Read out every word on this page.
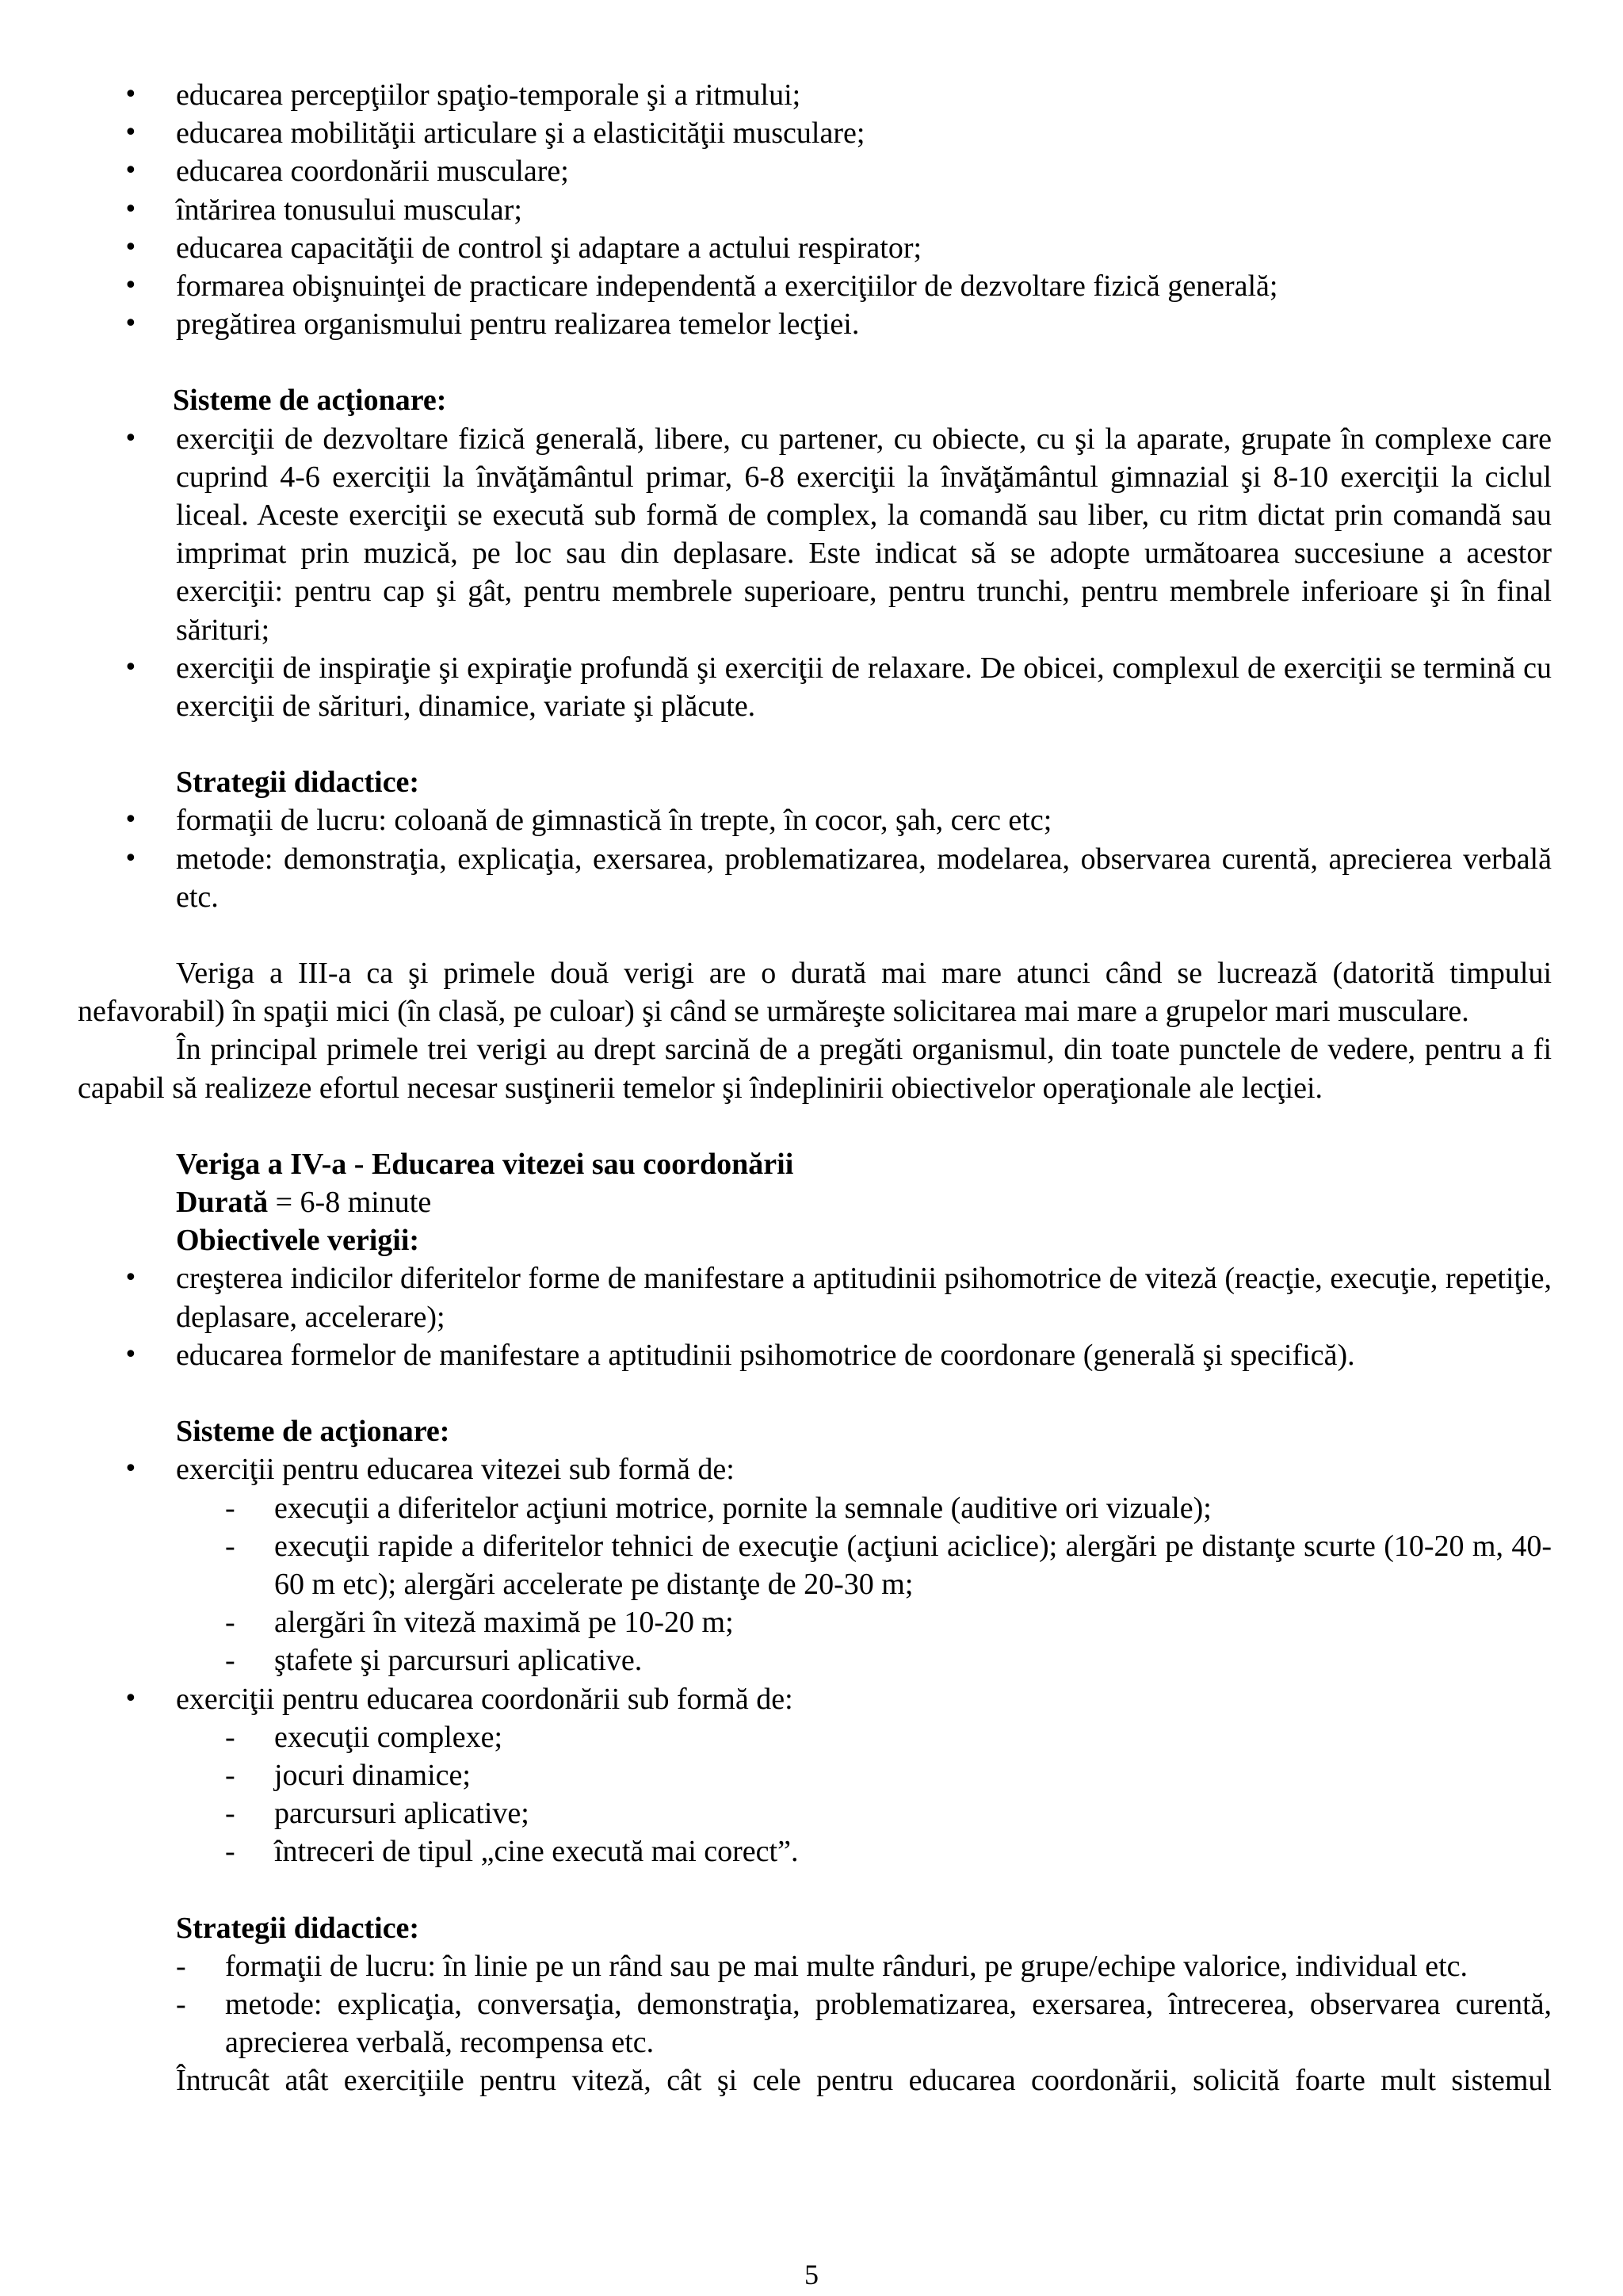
• educarea percepţiilor spaţio-temporale şi a ritmului;
• educarea mobilităţii articulare şi a elasticităţii musculare;
• educarea coordonării musculare;
• întărirea tonusului muscular;
• educarea capacităţii de control şi adaptare a actului respirator;
• formarea obişnuinţei de practicare independentă a exerciţiilor de dezvoltare fizică generală;
• pregătirea organismului pentru realizarea temelor lecţiei.
Sisteme de acţionare:
• exerciţii de dezvoltare fizică generală, libere, cu partener, cu obiecte, cu şi la aparate, grupate în complexe care cuprind 4-6 exerciţii la învăţământul primar, 6-8 exerciţii la învăţământul gimnazial şi 8-10 exerciţii la ciclul liceal. Aceste exerciţii se execută sub formă de complex, la comandă sau liber, cu ritm dictat prin comandă sau imprimat prin muzică, pe loc sau din deplasare. Este indicat să se adopte următoarea succesiune a acestor exerciţii: pentru cap şi gât, pentru membrele superioare, pentru trunchi, pentru membrele inferioare şi în final sărituri;
• exerciţii de inspiraţie şi expiraţie profundă şi exerciţii de relaxare. De obicei, complexul de exerciţii se termină cu exerciţii de sărituri, dinamice, variate şi plăcute.
Strategii didactice:
• formaţii de lucru: coloană de gimnastică în trepte, în cocor, şah, cerc etc;
• metode: demonstraţia, explicaţia, exersarea, problematizarea, modelarea, observarea curentă, aprecierea verbală etc.
Veriga a III-a ca şi primele două verigi are o durată mai mare atunci când se lucrează (datorită timpului nefavorabil) în spaţii mici (în clasă, pe culoar) şi când se urmăreşte solicitarea mai mare a grupelor mari musculare.
În principal primele trei verigi au drept sarcină de a pregăti organismul, din toate punctele de vedere, pentru a fi capabil să realizeze efortul necesar susţinerii temelor şi îndeplinirii obiectivelor operaţionale ale lecţiei.
Veriga a IV-a - Educarea vitezei sau coordonării
Durată = 6-8 minute
Obiectivele verigii:
• creşterea indicilor diferitelor forme de manifestare a aptitudinii psihomotrice de viteză (reacţie, execuţie, repetiţie, deplasare, accelerare);
• educarea formelor de manifestare a aptitudinii psihomotrice de coordonare (generală şi specifică).
Sisteme de acţionare:
• exerciţii pentru educarea vitezei sub formă de:
- execuţii a diferitelor acţiuni motrice, pornite la semnale (auditive ori vizuale);
- execuţii rapide a diferitelor tehnici de execuţie (acţiuni aciclice); alergări pe distanţe scurte (10-20 m, 40-60 m etc); alergări accelerate pe distanţe de 20-30 m;
- alergări în viteză maximă pe 10-20 m;
- ştafete şi parcursuri aplicative.
• exerciţii pentru educarea coordonării sub formă de:
- execuţii complexe;
- jocuri dinamice;
- parcursuri aplicative;
- întreceri de tipul „cine execută mai corect”.
Strategii didactice:
- formaţii de lucru: în linie pe un rând sau pe mai multe rânduri, pe grupe/echipe valorice, individual etc.
- metode: explicaţia, conversaţia, demonstraţia, problematizarea, exersarea, întrecerea, observarea curentă, aprecierea verbală, recompensa etc.
Întrucât atât exerciţiile pentru viteză, cât şi cele pentru educarea coordonării, solicită foarte mult sistemul
5
